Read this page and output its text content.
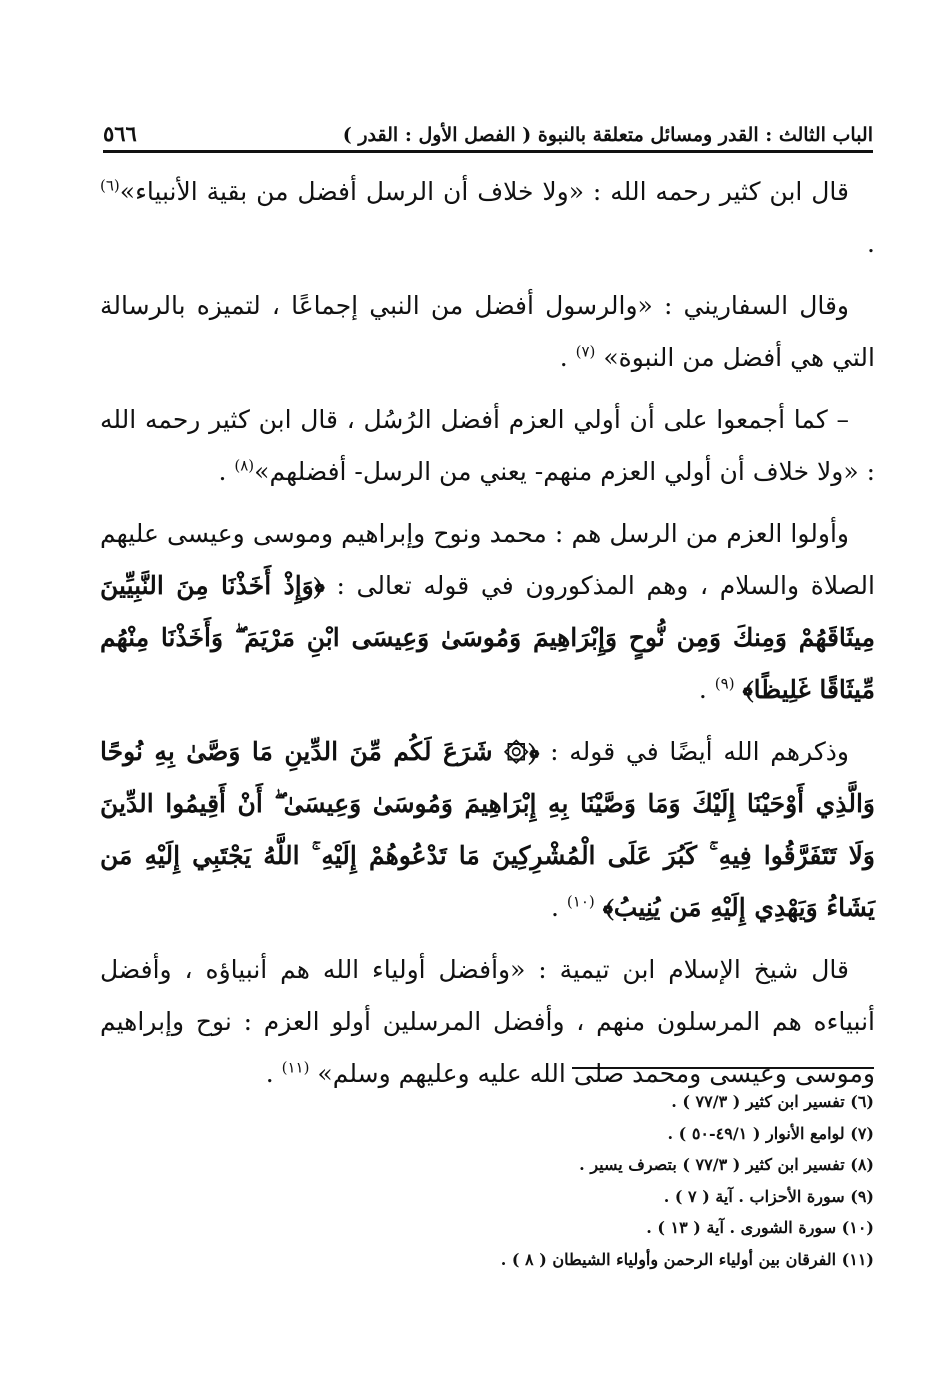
٥٦٦	الباب الثالث : القدر ومسائل متعلقة بالنبوة ( الفصل الأول : القدر )

قال ابن كثير رحمه الله : «ولا خلاف أن الرسل أفضل من بقية الأنبياء»$^{(٦)}$ .

وقال السفاريني : «والرسول أفضل من النبي إجماعًا ، لتميزه بالرسالة التي هي أفضل من النبوة» $^{(٧)}$ .

– كما أجمعوا على أن أولي العزم أفضل الرُسُل ، قال ابن كثير رحمه الله : «ولا خلاف أن أولي العزم منهم- يعني من الرسل- أفضلهم»$^{(٨)}$ .

وأولوا العزم من الرسل هم : محمد ونوح وإبراهيم وموسى وعيسى عليهم الصلاة والسلام ، وهم المذكورون في قوله تعالى : ﴿وَإِذْ أَخَذْنَا مِنَ النَّبِيِّينَ مِيثَاقَهُمْ وَمِنكَ وَمِن نُّوحٍ وَإِبْرَاهِيمَ وَمُوسَىٰ وَعِيسَى ابْنِ مَرْيَمَ ۖ وَأَخَذْنَا مِنْهُم مِّيثَاقًا غَلِيظًا﴾ $^{(٩)}$ .

وذكرهم الله أيضًا في قوله : ﴿۞ شَرَعَ لَكُم مِّنَ الدِّينِ مَا وَصَّىٰ بِهِ نُوحًا وَالَّذِي أَوْحَيْنَا إِلَيْكَ وَمَا وَصَّيْنَا بِهِ إِبْرَاهِيمَ وَمُوسَىٰ وَعِيسَىٰ ۖ أَنْ أَقِيمُوا الدِّينَ وَلَا تَتَفَرَّقُوا فِيهِ ۚ كَبُرَ عَلَى الْمُشْرِكِينَ مَا تَدْعُوهُمْ إِلَيْهِ ۚ اللَّهُ يَجْتَبِي إِلَيْهِ مَن يَشَاءُ وَيَهْدِي إِلَيْهِ مَن يُنِيبُ﴾ $^{(١٠)}$ .

قال شيخ الإسلام ابن تيمية : «وأفضل أولياء الله هم أنبياؤه ، وأفضل أنبياءه هم المرسلون منهم ، وأفضل المرسلين أولو العزم : نوح وإبراهيم وموسى وعيسى ومحمد صلى الله عليه وعليهم وسلم» $^{(١١)}$ .

(٦) تفسير ابن كثير ( ٧٧/٣ ) .
(٧) لوامع الأنوار ( ٤٩/١-٥٠ ) .
(٨) تفسير ابن كثير ( ٧٧/٣ ) بتصرف يسير .
(٩) سورة الأحزاب . آية ( ٧ ) .
(١٠) سورة الشورى . آية ( ١٣ ) .
(١١) الفرقان بين أولياء الرحمن وأولياء الشيطان ( ٨ ) .
